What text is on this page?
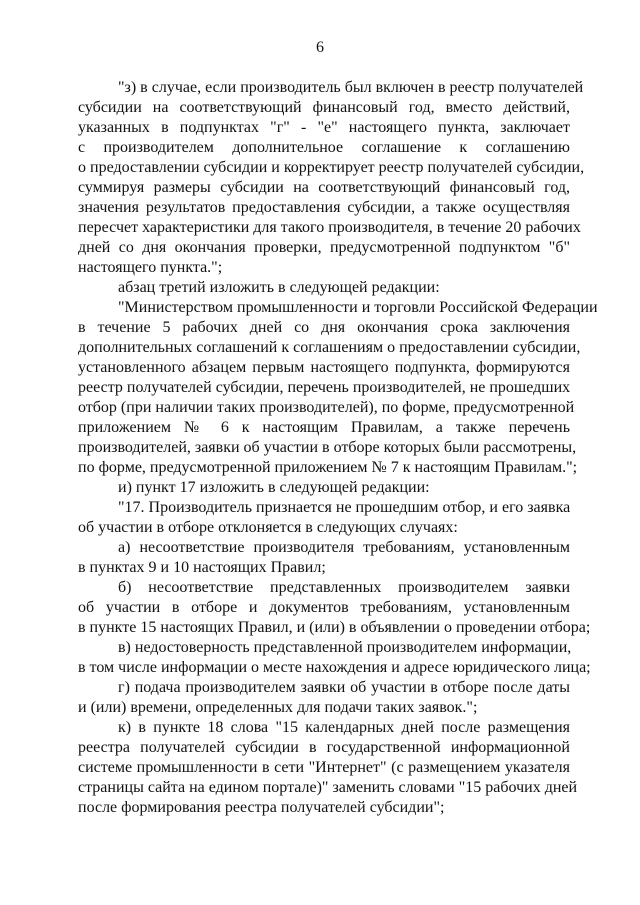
6

"з) в случае, если производитель был включен в реестр получателей
субсидии на соответствующий финансовый год, вместо действий,
указанных в подпунктах "г" - "е" настоящего пункта, заключает
с производителем дополнительное соглашение к соглашению
о предоставлении субсидии и корректирует реестр получателей субсидии,
суммируя размеры субсидии на соответствующий финансовый год,
значения результатов предоставления субсидии, а также осуществляя
пересчет характеристики для такого производителя, в течение 20 рабочих
дней со дня окончания проверки, предусмотренной подпунктом "б"
настоящего пункта.";

абзац третий изложить в следующей редакции:

"Министерством промышленности и торговли Российской Федерации
в течение 5 рабочих дней со дня окончания срока заключения
дополнительных соглашений к соглашениям о предоставлении субсидии,
установленного абзацем первым настоящего подпункта, формируются
реестр получателей субсидии, перечень производителей, не прошедших
отбор (при наличии таких производителей), по форме, предусмотренной
приложением № 6 к настоящим Правилам, а также перечень
производителей, заявки об участии в отборе которых были рассмотрены,
по форме, предусмотренной приложением № 7 к настоящим Правилам.";

и) пункт 17 изложить в следующей редакции:

"17. Производитель признается не прошедшим отбор, и его заявка
об участии в отборе отклоняется в следующих случаях:

а) несоответствие производителя требованиям, установленным
в пунктах 9 и 10 настоящих Правил;

б) несоответствие представленных производителем заявки
об участии в отборе и документов требованиям, установленным
в пункте 15 настоящих Правил, и (или) в объявлении о проведении отбора;

в) недостоверность представленной производителем информации,
в том числе информации о месте нахождения и адресе юридического лица;

г) подача производителем заявки об участии в отборе после даты
и (или) времени, определенных для подачи таких заявок.";

к) в пункте 18 слова "15 календарных дней после размещения
реестра получателей субсидии в государственной информационной
системе промышленности в сети "Интернет" (с размещением указателя
страницы сайта на едином портале)" заменить словами "15 рабочих дней
после формирования реестра получателей субсидии";
